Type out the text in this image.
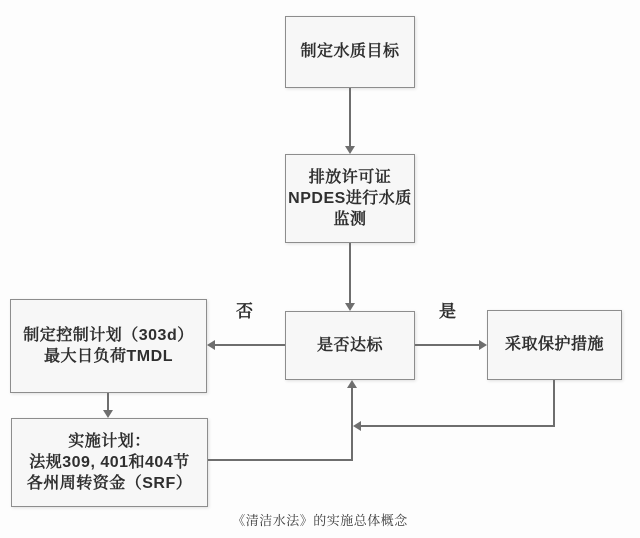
制定水质目标
排放许可证
NPDES进行水质
监测
是否达标
否	是
制定控制计划（303d）
最大日负荷TMDL
实施计划：
法规309, 401和404节
各州周转资金（SRF）
采取保护措施
《清洁水法》的实施总体概念
